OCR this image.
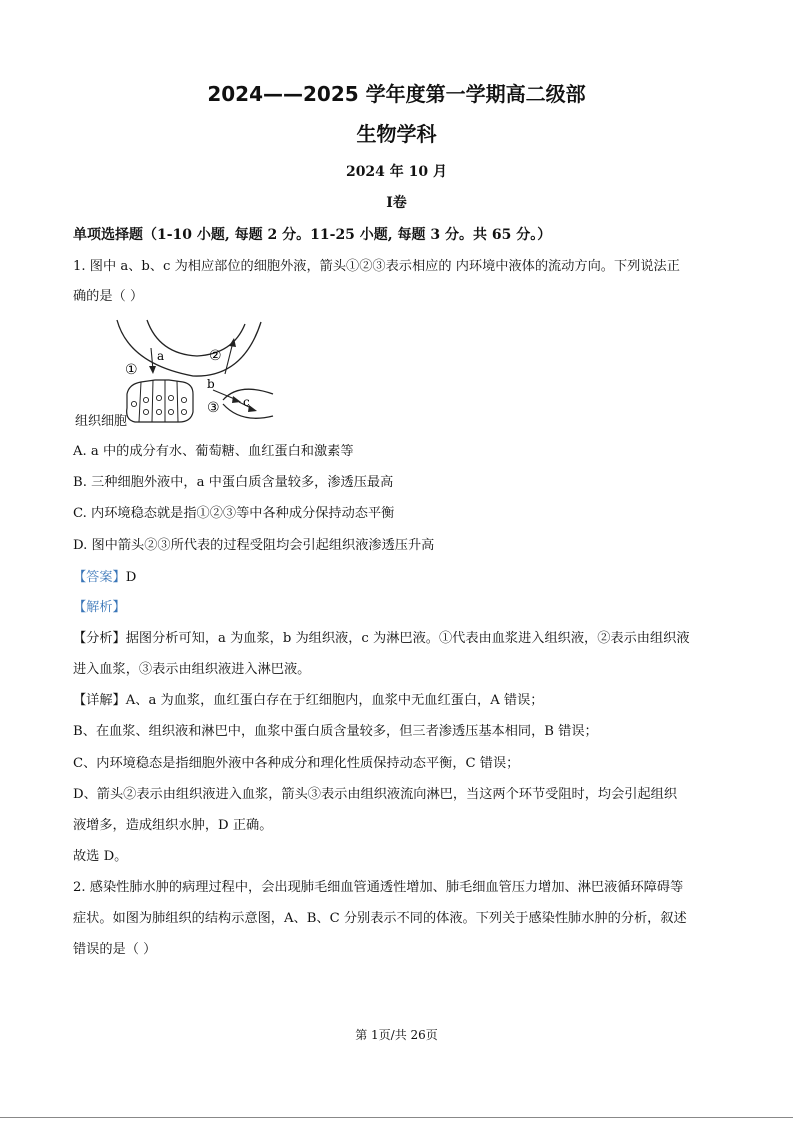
2024——2025 学年度第一学期高二级部
生物学科
2024 年 10 月
Ⅰ卷
单项选择题（1-10 小题, 每题 2 分。11-25 小题, 每题 3 分。共 65 分。）
1. 图中 a、b、c 为相应部位的细胞外液，箭头①②③表示相应的 内环境中液体的流动方向。下列说法正
确的是（ ）
a
b
c
①
②
③
组织细胞
A. a 中的成分有水、葡萄糖、血红蛋白和激素等
B. 三种细胞外液中，a 中蛋白质含量较多，渗透压最高
C. 内环境稳态就是指①②③等中各种成分保持动态平衡
D. 图中箭头②③所代表的过程受阻均会引起组织液渗透压升高
【答案】D
【解析】
【分析】据图分析可知，a 为血浆，b 为组织液，c 为淋巴液。①代表由血浆进入组织液，②表示由组织液
进入血浆，③表示由组织液进入淋巴液。
【详解】A、a 为血浆，血红蛋白存在于红细胞内，血浆中无血红蛋白，A 错误；
B、在血浆、组织液和淋巴中，血浆中蛋白质含量较多，但三者渗透压基本相同，B 错误；
C、内环境稳态是指细胞外液中各种成分和理化性质保持动态平衡，C 错误；
D、箭头②表示由组织液进入血浆，箭头③表示由组织液流向淋巴，当这两个环节受阻时，均会引起组织
液增多，造成组织水肿，D 正确。
故选 D。
2. 感染性肺水肿的病理过程中，会出现肺毛细血管通透性增加、肺毛细血管压力增加、淋巴液循环障碍等
症状。如图为肺组织的结构示意图，A、B、C 分别表示不同的体液。下列关于感染性肺水肿的分析，叙述
错误的是（ ）
第 1页/共 26页
